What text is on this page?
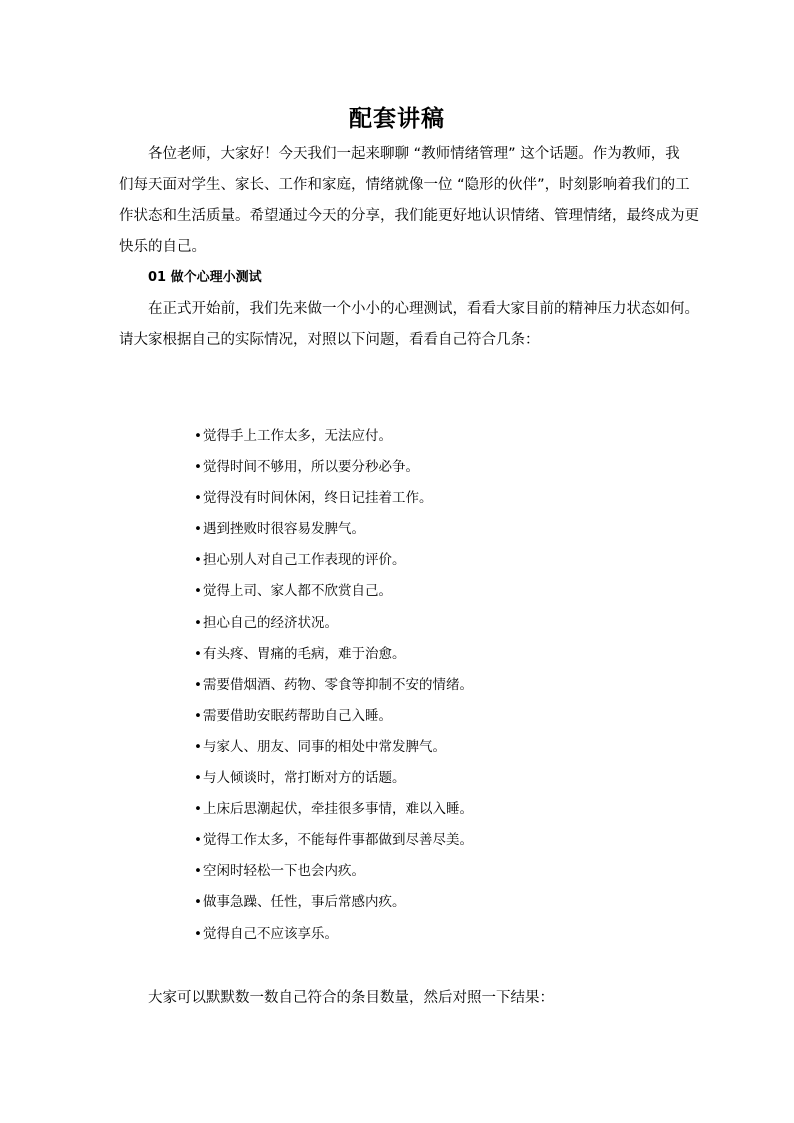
配套讲稿
各位老师，大家好！今天我们一起来聊聊 “教师情绪管理” 这个话题。作为教师，我
们每天面对学生、家长、工作和家庭，情绪就像一位 “隐形的伙伴”，时刻影响着我们的工
作状态和生活质量。希望通过今天的分享，我们能更好地认识情绪、管理情绪，最终成为更
快乐的自己。
01 做个心理小测试
在正式开始前，我们先来做一个小小的心理测试，看看大家目前的精神压力状态如何。
请大家根据自己的实际情况，对照以下问题，看看自己符合几条：
•觉得手上工作太多，无法应付。
•觉得时间不够用，所以要分秒必争。
•觉得没有时间休闲，终日记挂着工作。
•遇到挫败时很容易发脾气。
•担心别人对自己工作表现的评价。
•觉得上司、家人都不欣赏自己。
•担心自己的经济状况。
•有头疼、胃痛的毛病，难于治愈。
•需要借烟酒、药物、零食等抑制不安的情绪。
•需要借助安眠药帮助自己入睡。
•与家人、朋友、同事的相处中常发脾气。
•与人倾谈时，常打断对方的话题。
•上床后思潮起伏，牵挂很多事情，难以入睡。
•觉得工作太多，不能每件事都做到尽善尽美。
•空闲时轻松一下也会内疚。
•做事急躁、任性，事后常感内疚。
•觉得自己不应该享乐。
大家可以默默数一数自己符合的条目数量，然后对照一下结果：
